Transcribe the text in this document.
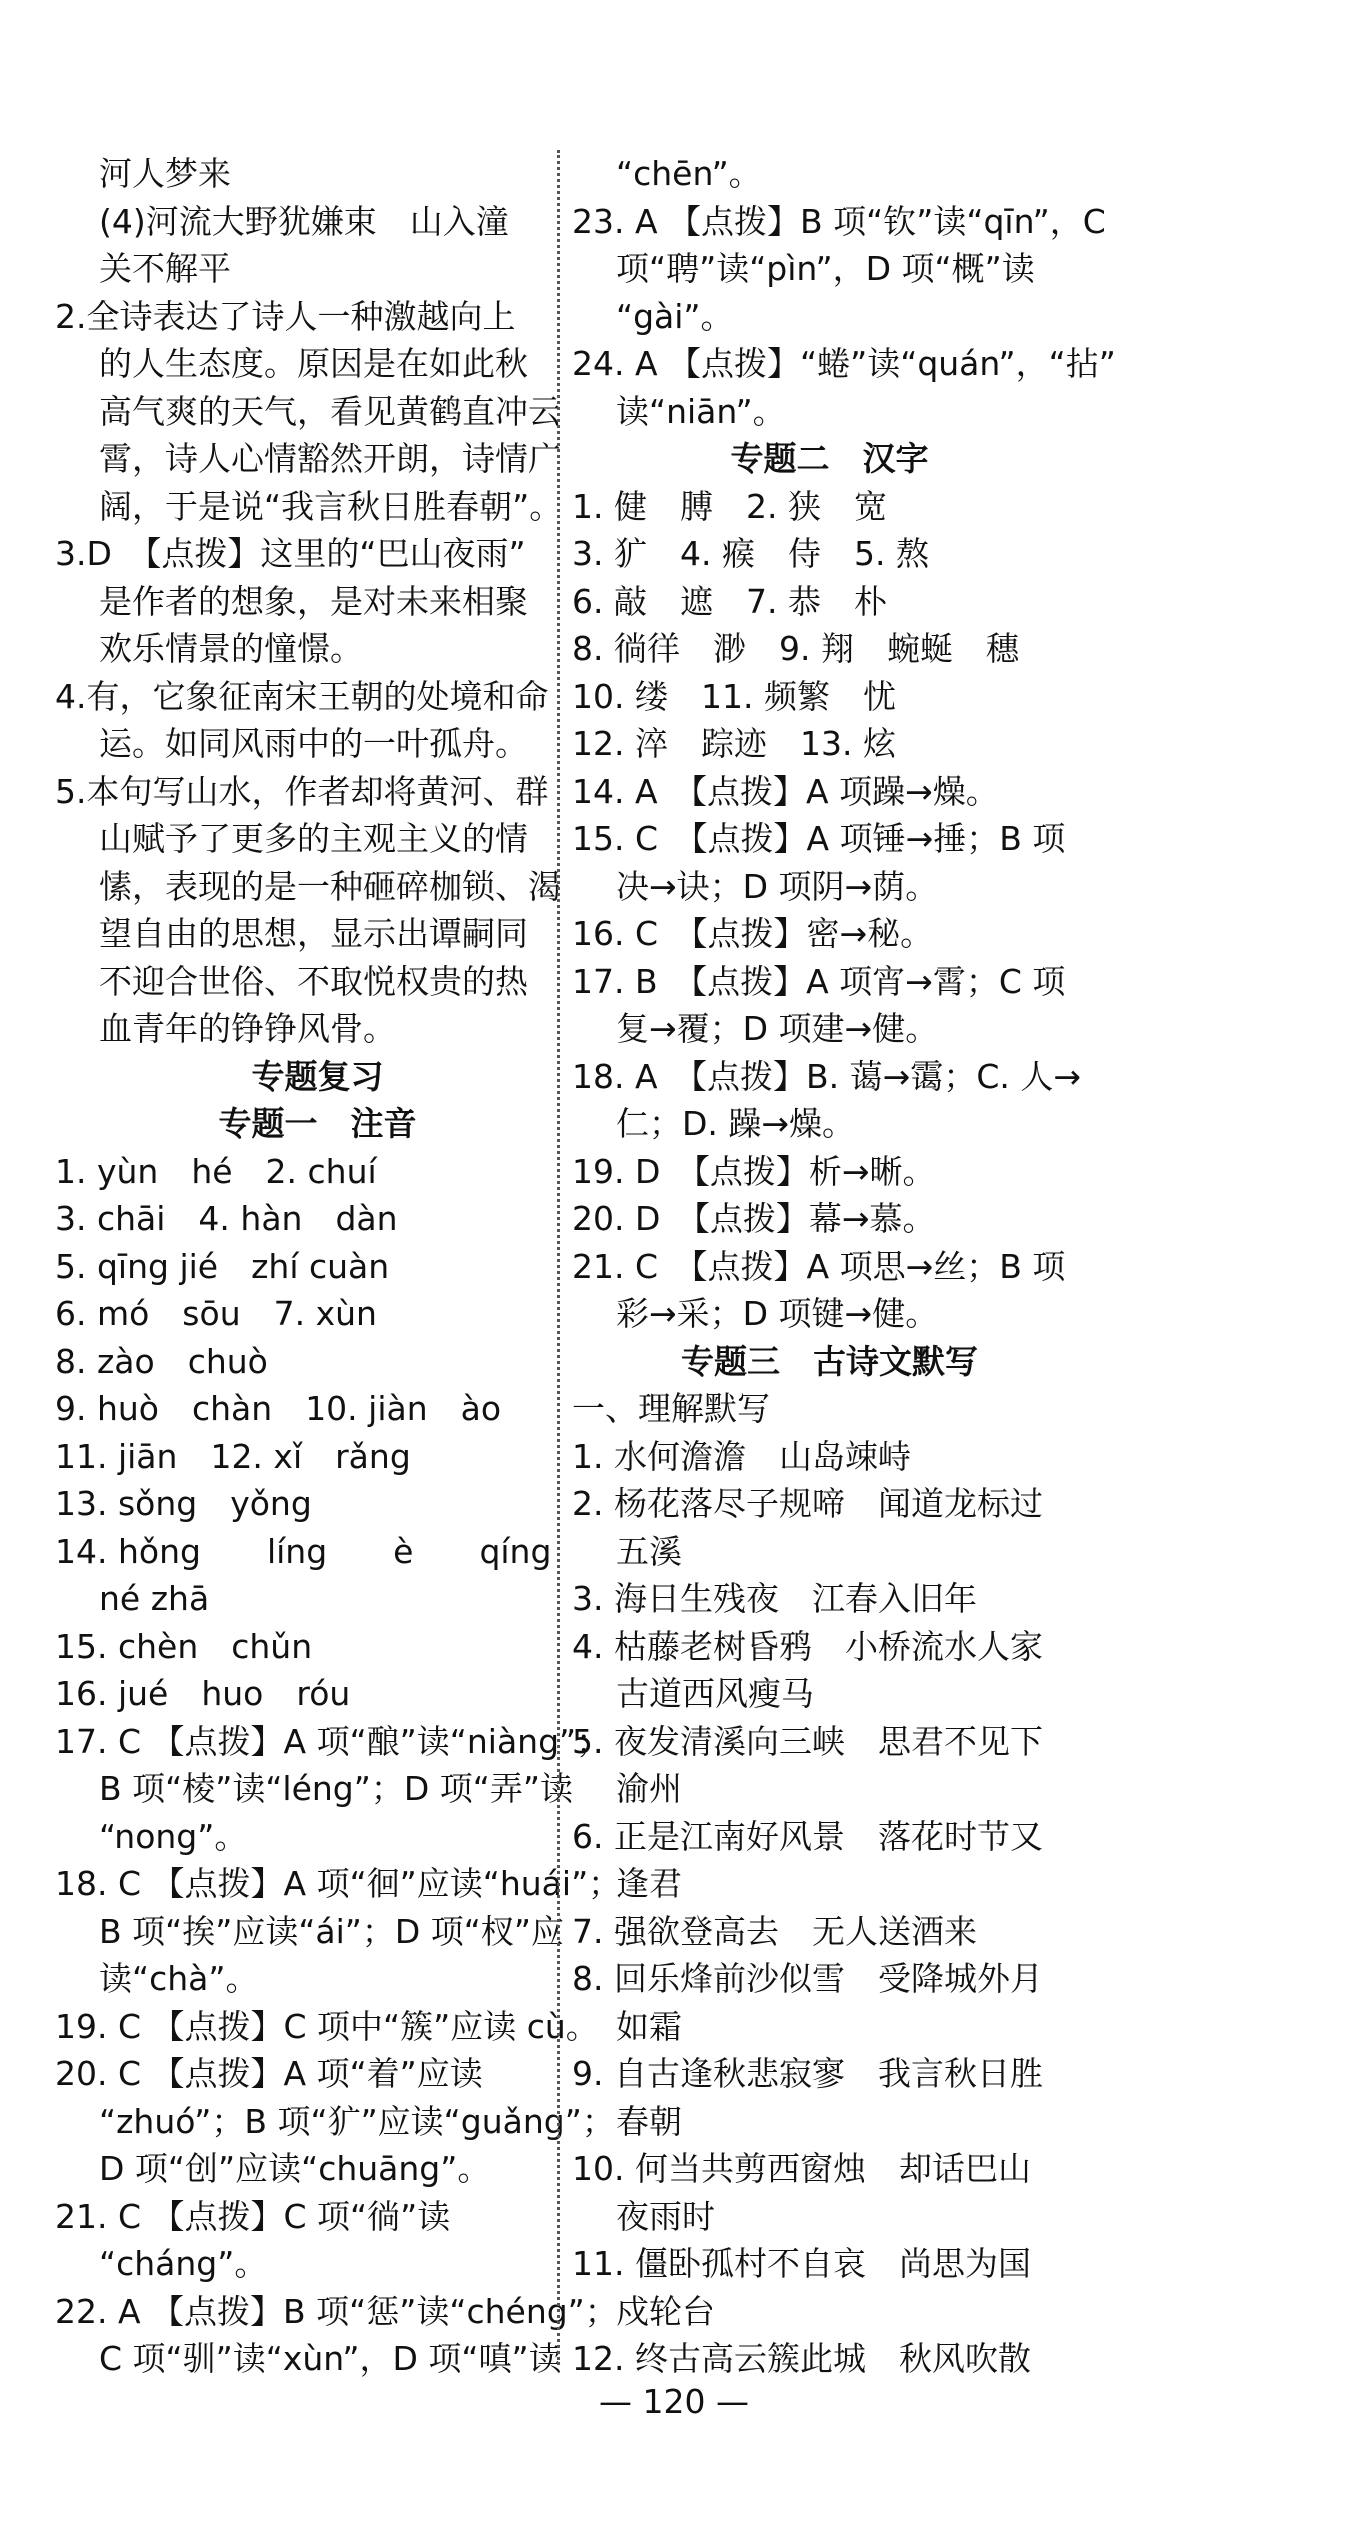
河人梦来
(4)河流大野犹嫌束　山入潼
关不解平
2.全诗表达了诗人一种激越向上
的人生态度。原因是在如此秋
高气爽的天气，看见黄鹤直冲云
霄，诗人心情豁然开朗，诗情广
阔，于是说“我言秋日胜春朝”。
3.D　【点拨】这里的“巴山夜雨”
是作者的想象，是对未来相聚
欢乐情景的憧憬。
4.有，它象征南宋王朝的处境和命
运。如同风雨中的一叶孤舟。
5.本句写山水，作者却将黄河、群
山赋予了更多的主观主义的情
愫，表现的是一种砸碎枷锁、渴
望自由的思想，显示出谭嗣同
不迎合世俗、不取悦权贵的热
血青年的铮铮风骨。
专题复习
专题一　注音
1. yùn　hé　2. chuí
3. chāi　4. hàn　dàn
5. qīng jié　zhí cuàn
6. mó　sōu　7. xùn
8. zào　chuò
9. huò　chàn　10. jiàn　ào
11. jiān　12. xǐ　rǎng
13. sǒng　yǒng
14. hǒng　　líng　　è　　qíng
né zhā
15. chèn　chǔn
16. jué　huo　róu
17. C 【点拨】A 项“酿”读“niàng”；
B 项“棱”读“léng”；D 项“弄”读
“nong”。
18. C 【点拨】A 项“徊”应读“huái”；
B 项“挨”应读“ái”；D 项“杈”应
读“chà”。
19. C 【点拨】C 项中“簇”应读 cù。
20. C 【点拨】A 项“着”应读
“zhuó”；B 项“犷”应读“guǎng”；
D 项“创”应读“chuāng”。
21. C 【点拨】C 项“徜”读
“cháng”。
22. A 【点拨】B 项“惩”读“chéng”；
C 项“驯”读“xùn”，D 项“嗔”读
“chēn”。
23. A 【点拨】B 项“钦”读“qīn”，C
项“聘”读“pìn”，D 项“概”读
“gài”。
24. A 【点拨】“蜷”读“quán”，“拈”
读“niān”。
专题二　汉字
1. 健　膊　2. 狭　宽
3. 犷　4. 瘊　侍　5. 熬
6. 敲　遮　7. 恭　朴
8. 徜徉　渺　9. 翔　蜿蜒　穗
10. 缕　11. 频繁　忧
12. 淬　踪迹　13. 炫
14. A　【点拨】A 项躁→燥。
15. C　【点拨】A 项锤→捶；B 项
决→诀；D 项阴→荫。
16. C　【点拨】密→秘。
17. B　【点拨】A 项宵→霄；C 项
复→覆；D 项建→健。
18. A　【点拨】B. 蔼→霭；C. 人→
仁；D. 躁→燥。
19. D　【点拨】析→晰。
20. D　【点拨】幕→慕。
21. C　【点拨】A 项思→丝；B 项
彩→采；D 项键→健。
专题三　古诗文默写
一、理解默写
1. 水何澹澹　山岛竦峙
2. 杨花落尽子规啼　闻道龙标过
五溪
3. 海日生残夜　江春入旧年
4. 枯藤老树昏鸦　小桥流水人家
古道西风瘦马
5. 夜发清溪向三峡　思君不见下
渝州
6. 正是江南好风景　落花时节又
逢君
7. 强欲登高去　无人送酒来
8. 回乐烽前沙似雪　受降城外月
如霜
9. 自古逢秋悲寂寥　我言秋日胜
春朝
10. 何当共剪西窗烛　却话巴山
夜雨时
11. 僵卧孤村不自哀　尚思为国
戍轮台
12. 终古高云簇此城　秋风吹散
— 120 —
